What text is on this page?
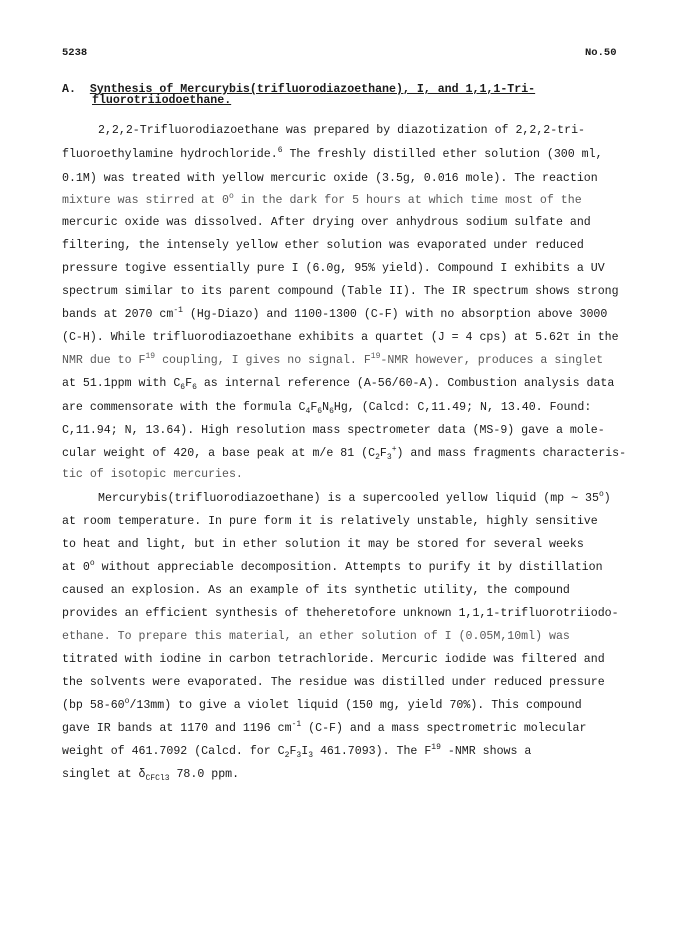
5238	No.50
A. Synthesis of Mercurybis(trifluorodiazoethane), I, and 1,1,1-Tri-
fluorotriiodoethane.
2,2,2-Trifluorodiazoethane was prepared by diazotization of 2,2,2-tri-
fluoroethylamine hydrochloride.$^6$ The freshly distilled ether solution (300 ml,
0.1M) was treated with yellow mercuric oxide (3.5g, 0.016 mole). The reaction
mixture was stirred at 0$^o$ in the dark for 5 hours at which time most of the
mercuric oxide was dissolved. After drying over anhydrous sodium sulfate and
filtering, the intensely yellow ether solution was evaporated under reduced
pressure togive essentially pure I (6.0g, 95% yield). Compound I exhibits a UV
spectrum similar to its parent compound (Table II). The IR spectrum shows strong
bands at 2070 $cm^{-1}$ (Hg-Diazo) and 1100-1300 (C-F) with no absorption above 3000
(C-H). While trifluorodiazoethane exhibits a quartet (J = 4 cps) at 5.62τ in the
NMR due to $F^{19}$ coupling, I gives no signal. $F^{19}$-NMR however, produces a singlet
at 51.1ppm with $C_6F_6$ as internal reference (A-56/60-A). Combustion analysis data
are commensorate with the formula $C_4F_6N_6Hg$, (Calcd: C,11.49; N, 13.40. Found:
C,11.94; N, 13.64). High resolution mass spectrometer data (MS-9) gave a mole-
cular weight of 420, a base peak at m/e 81 $(C_2F_3^+)$ and mass fragments characteris-
tic of isotopic mercuries.
Mercurybis(trifluorodiazoethane) is a supercooled yellow liquid (mp ∼ 35$^o$)
at room temperature. In pure form it is relatively unstable, highly sensitive
to heat and light, but in ether solution it may be stored for several weeks
at 0$^o$ without appreciable decomposition. Attempts to purify it by distillation
caused an explosion. As an example of its synthetic utility, the compound
provides an efficient synthesis of theheretofore unknown 1,1,1-trifluorotriiodo-
ethane. To prepare this material, an ether solution of I (0.05M,10ml) was
titrated with iodine in carbon tetrachloride. Mercuric iodide was filtered and
the solvents were evaporated. The residue was distilled under reduced pressure
(bp 58-60$^o$/13mm) to give a violet liquid (150 mg, yield 70%). This compound
gave IR bands at 1170 and 1196 $cm^{-1}$ (C-F) and a mass spectrometric molecular
weight of 461.7092 (Calcd. for $C_2F_3I_3$ 461.7093). The $F^{19}$ -NMR shows a
singlet at $\delta_{CFCl3}$ 78.0 ppm.
